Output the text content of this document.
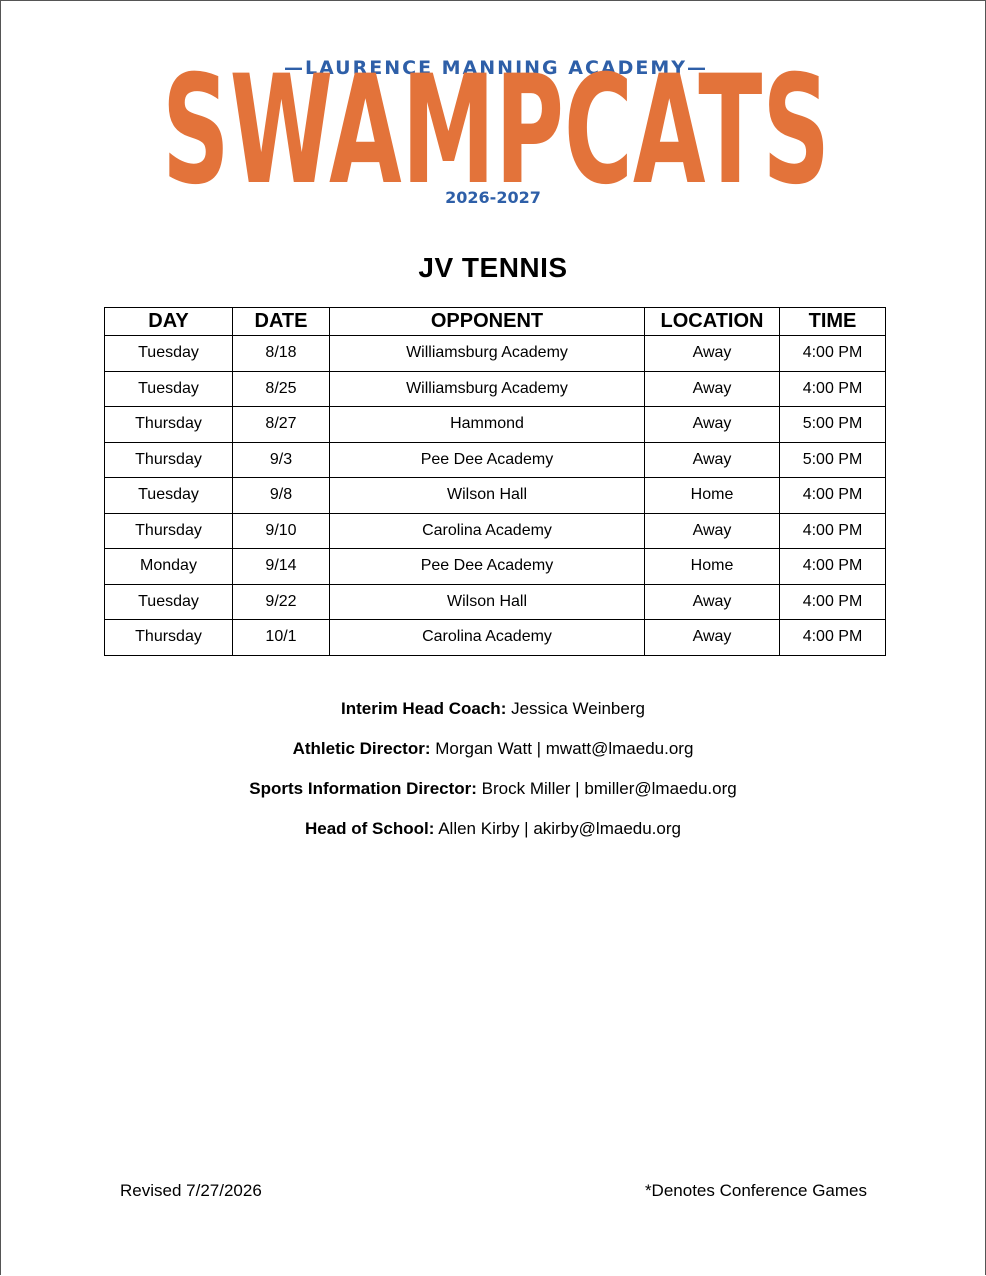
—LAURENCE MANNING ACADEMY—
SWAMPCATS
2026-2027
JV TENNIS
DAY	DATE	OPPONENT	LOCATION	TIME
Tuesday	8/18	Williamsburg Academy	Away	4:00 PM
Tuesday	8/25	Williamsburg Academy	Away	4:00 PM
Thursday	8/27	Hammond	Away	5:00 PM
Thursday	9/3	Pee Dee Academy	Away	5:00 PM
Tuesday	9/8	Wilson Hall	Home	4:00 PM
Thursday	9/10	Carolina Academy	Away	4:00 PM
Monday	9/14	Pee Dee Academy	Home	4:00 PM
Tuesday	9/22	Wilson Hall	Away	4:00 PM
Thursday	10/1	Carolina Academy	Away	4:00 PM

Interim Head Coach: Jessica Weinberg

Athletic Director: Morgan Watt | mwatt@lmaedu.org

Sports Information Director: Brock Miller | bmiller@lmaedu.org

Head of School: Allen Kirby | akirby@lmaedu.org

Revised 7/27/2026	*Denotes Conference Games
